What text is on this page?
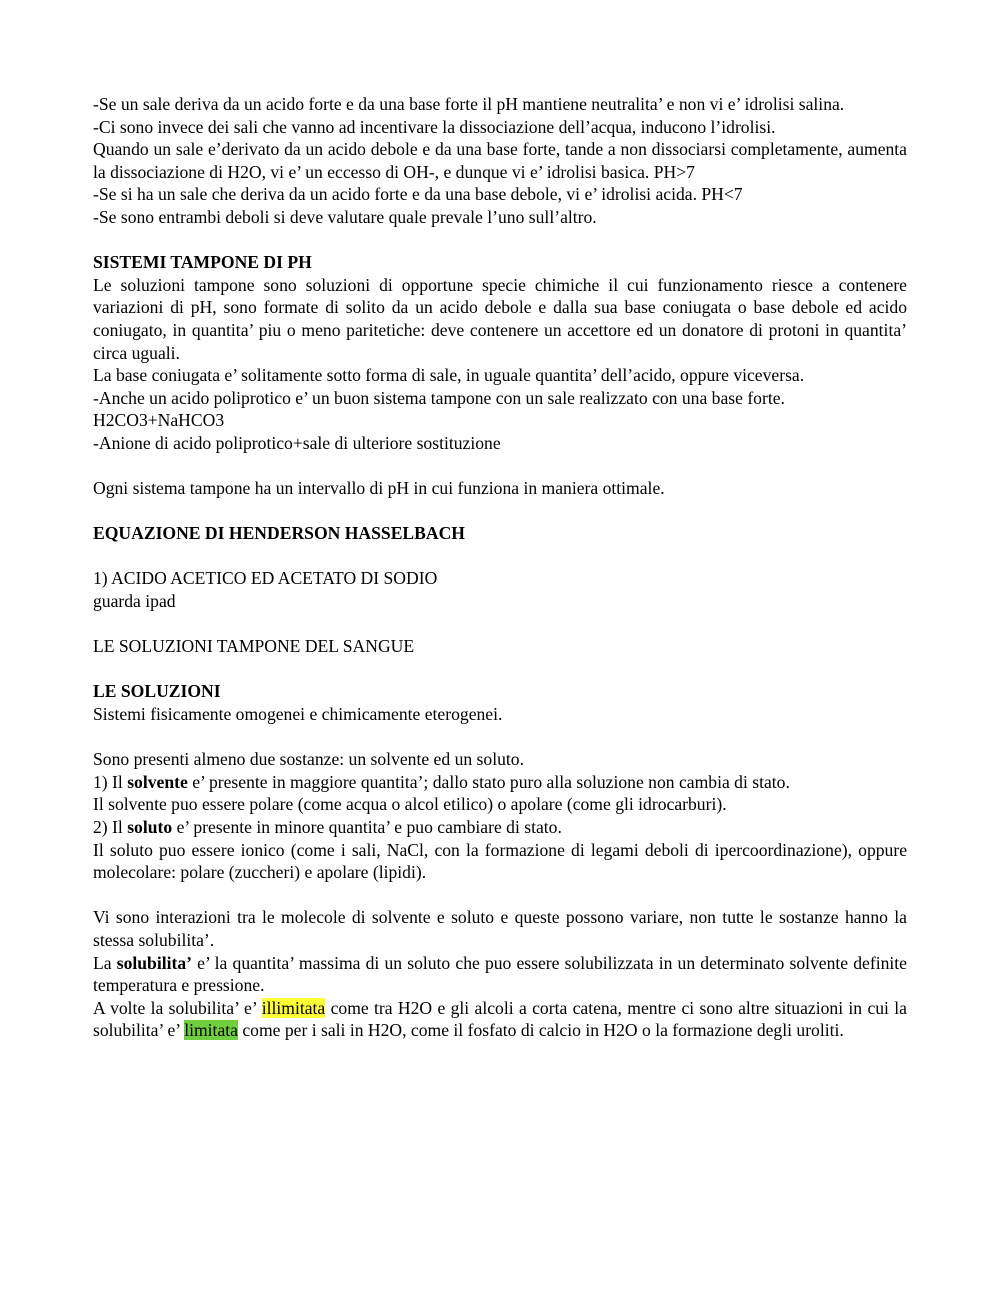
-Se un sale deriva da un acido forte e da una base forte il pH mantiene neutralita’ e non vi e’ idrolisi salina.

-Ci sono invece dei sali che vanno ad incentivare la dissociazione dell’acqua, inducono l’idrolisi.

Quando un sale e’derivato da un acido debole e da una base forte, tande a non dissociarsi completamente, aumenta la dissociazione di H2O, vi e’ un eccesso di OH-, e dunque vi e’ idrolisi basica. PH>7

-Se si ha un sale che deriva da un acido forte e da una base debole, vi e’ idrolisi acida. PH<7

-Se sono entrambi deboli si deve valutare quale prevale l’uno sull’altro.

SISTEMI TAMPONE DI PH

Le soluzioni tampone sono soluzioni di opportune specie chimiche il cui funzionamento riesce a contenere variazioni di pH, sono formate di solito da un acido debole e dalla sua base coniugata o base debole ed acido coniugato, in quantita’ piu o meno paritetiche: deve contenere un accettore ed un donatore di protoni in quantita’ circa uguali.

La base coniugata e’ solitamente sotto forma di sale, in uguale quantita’ dell’acido, oppure viceversa.

-Anche un acido poliprotico e’ un buon sistema tampone con un sale realizzato con una base forte.

H2CO3+NaHCO3

-Anione di acido poliprotico+sale di ulteriore sostituzione

Ogni sistema tampone ha un intervallo di pH in cui funziona in maniera ottimale.

EQUAZIONE DI HENDERSON HASSELBACH

1) ACIDO ACETICO ED ACETATO DI SODIO

guarda ipad

LE SOLUZIONI TAMPONE DEL SANGUE

LE SOLUZIONI

Sistemi fisicamente omogenei e chimicamente eterogenei.

Sono presenti almeno due sostanze: un solvente ed un soluto.

1) Il solvente e’ presente in maggiore quantita’; dallo stato puro alla soluzione non cambia di stato.

Il solvente puo essere polare (come acqua o alcol etilico) o apolare (come gli idrocarburi).

2) Il soluto e’ presente in minore quantita’ e puo cambiare di stato.

Il soluto puo essere ionico (come i sali, NaCl, con la formazione di legami deboli di ipercoordinazione), oppure molecolare: polare (zuccheri) e apolare (lipidi).

Vi sono interazioni tra le molecole di solvente e soluto e queste possono variare, non tutte le sostanze hanno la stessa solubilita’.

La solubilita’ e’ la quantita’ massima di un soluto che puo essere solubilizzata in un determinato solvente definite temperatura e pressione.

A volte la solubilita’ e’ illimitata come tra H2O e gli alcoli a corta catena, mentre ci sono altre situazioni in cui la solubilita’ e’ limitata come per i sali in H2O, come il fosfato di calcio in H2O o la formazione degli uroliti.
